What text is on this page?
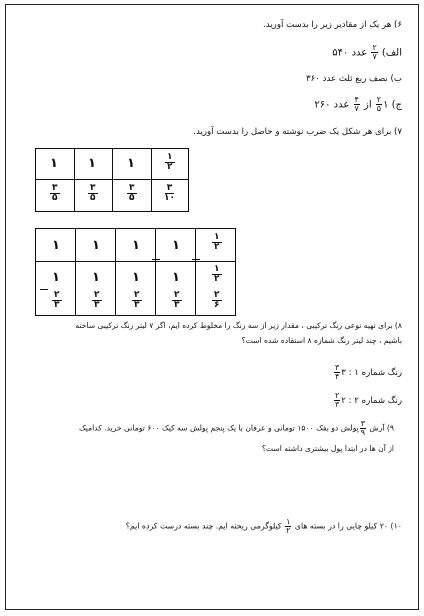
۶) هر یک از مقادیر زیر را بدست آورید.
الف)
$\frac{۲}{۷}$
عدد ۵۴۰
ب) نصف ربع ثلث عدد ۳۶۰
ج) ۱
$\frac{۲}{۵}$
از
$\frac{۴}{۷}$
عدد ۲۶۰
۷) برای هر شکل یک ضرب نوشته و حاصل را بدست آورید.
۱ ۱ ۱	۱
۲
۳
۵
۳
۵
۳
۵
۳
۱۰
۱ ۱ ۱ ۱
۱
۲
۱ ۱ ۱ ۱
۱
۲
۲
۳
۲
۳
۲
۳
۲
۳
۲
۶
۸) برای تهیه نوعی رنگ ترکیبی ، مقدار زیر از سه رنگ را مخلوط کرده ایم، اگر ۷ لیتر رنگ ترکیبی ساخته
باشیم ، چند لیتر رنگ شماره ۸ استفاده شده است؟
رنگ شماره ۱ : ۳
$\frac{۳}{۴}$
رنگ شماره ۲ : ۲
$\frac{۲}{۳}$
۹) آرش
$\frac{۳}{۹}$
پولش دو بفک ۱۵۰۰ تومانی و عرفان با یک پنجم پولش سه کیک ۶۰۰ تومانی خرید. کدامیک
از آن ها در ابتدا پول بیشتری داشته است؟
۱۰) ۲۰ کیلو چایی را در بسته های
$\frac{۱}{۲}$
کیلوگرمی ریخته ایم. چند بسته درست کرده ایم؟
